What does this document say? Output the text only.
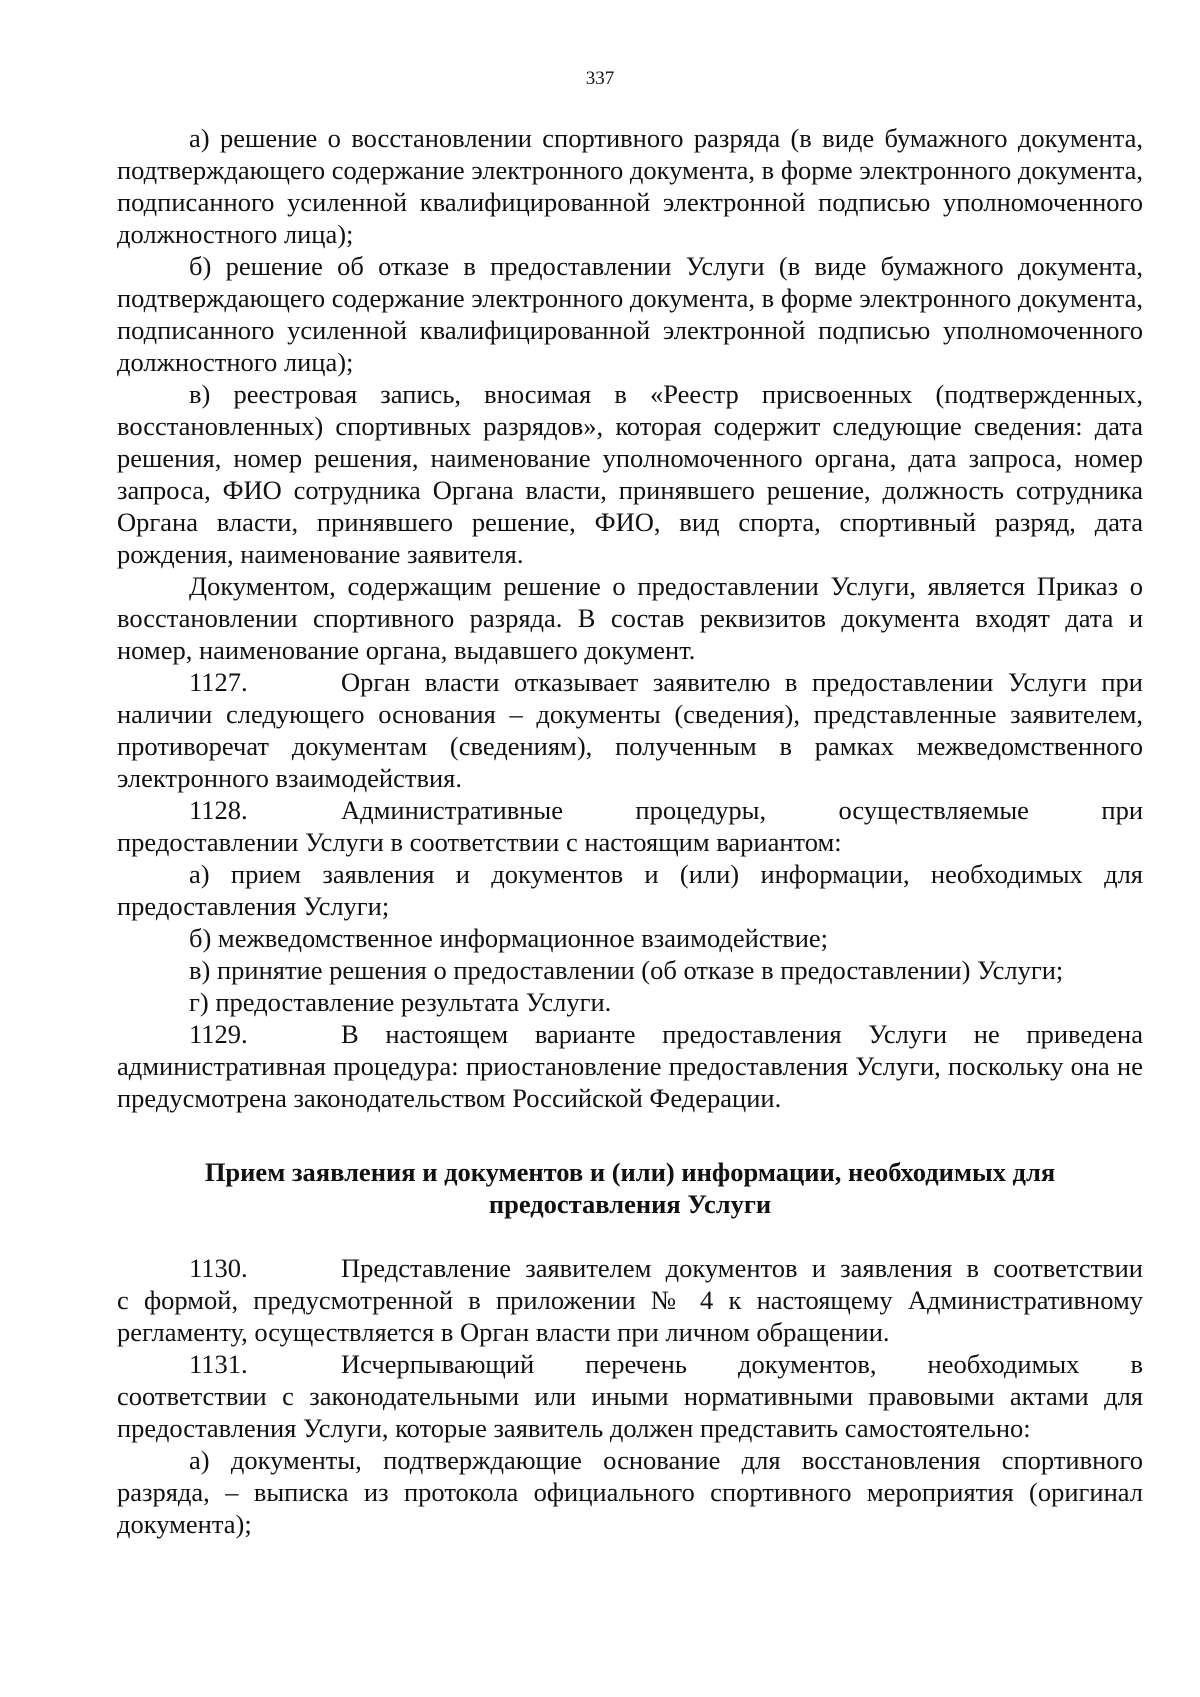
337

а) решение о восстановлении спортивного разряда (в виде бумажного документа, подтверждающего содержание электронного документа, в форме электронного документа, подписанного усиленной квалифицированной электронной подписью уполномоченного должностного лица);

б) решение об отказе в предоставлении Услуги (в виде бумажного документа, подтверждающего содержание электронного документа, в форме электронного документа, подписанного усиленной квалифицированной электронной подписью уполномоченного должностного лица);

в) реестровая запись, вносимая в «Реестр присвоенных (подтвержденных, восстановленных) спортивных разрядов», которая содержит следующие сведения: дата решения, номер решения, наименование уполномоченного органа, дата запроса, номер запроса, ФИО сотрудника Органа власти, принявшего решение, должность сотрудника Органа власти, принявшего решение, ФИО, вид спорта, спортивный разряд, дата рождения, наименование заявителя.

Документом, содержащим решение о предоставлении Услуги, является Приказ о восстановлении спортивного разряда. В состав реквизитов документа входят дата и номер, наименование органа, выдавшего документ.

1127.	Орган власти отказывает заявителю в предоставлении Услуги при
наличии следующего основания – документы (сведения), представленные заявителем, противоречат документам (сведениям), полученным в рамках межведомственного электронного взаимодействия.
1128.	Административные процедуры, осуществляемые при
предоставлении Услуги в соответствии с настоящим вариантом:

а) прием заявления и документов и (или) информации, необходимых для предоставления Услуги;

б) межведомственное информационное взаимодействие;

в) принятие решения о предоставлении (об отказе в предоставлении) Услуги;

г) предоставление результата Услуги.

1129.	В настоящем варианте предоставления Услуги не приведена
административная процедура: приостановление предоставления Услуги, поскольку она не предусмотрена законодательством Российской Федерации.
Прием заявления и документов и (или) информации, необходимых для
предоставления Услуги
1130.	Представление заявителем документов и заявления в соответствии
с формой, предусмотренной в приложении № 4 к настоящему Административному регламенту, осуществляется в Орган власти при личном обращении.
1131.	Исчерпывающий перечень документов, необходимых в
соответствии с законодательными или иными нормативными правовыми актами для предоставления Услуги, которые заявитель должен представить самостоятельно:

а) документы, подтверждающие основание для восстановления спортивного разряда, – выписка из протокола официального спортивного мероприятия (оригинал документа);
